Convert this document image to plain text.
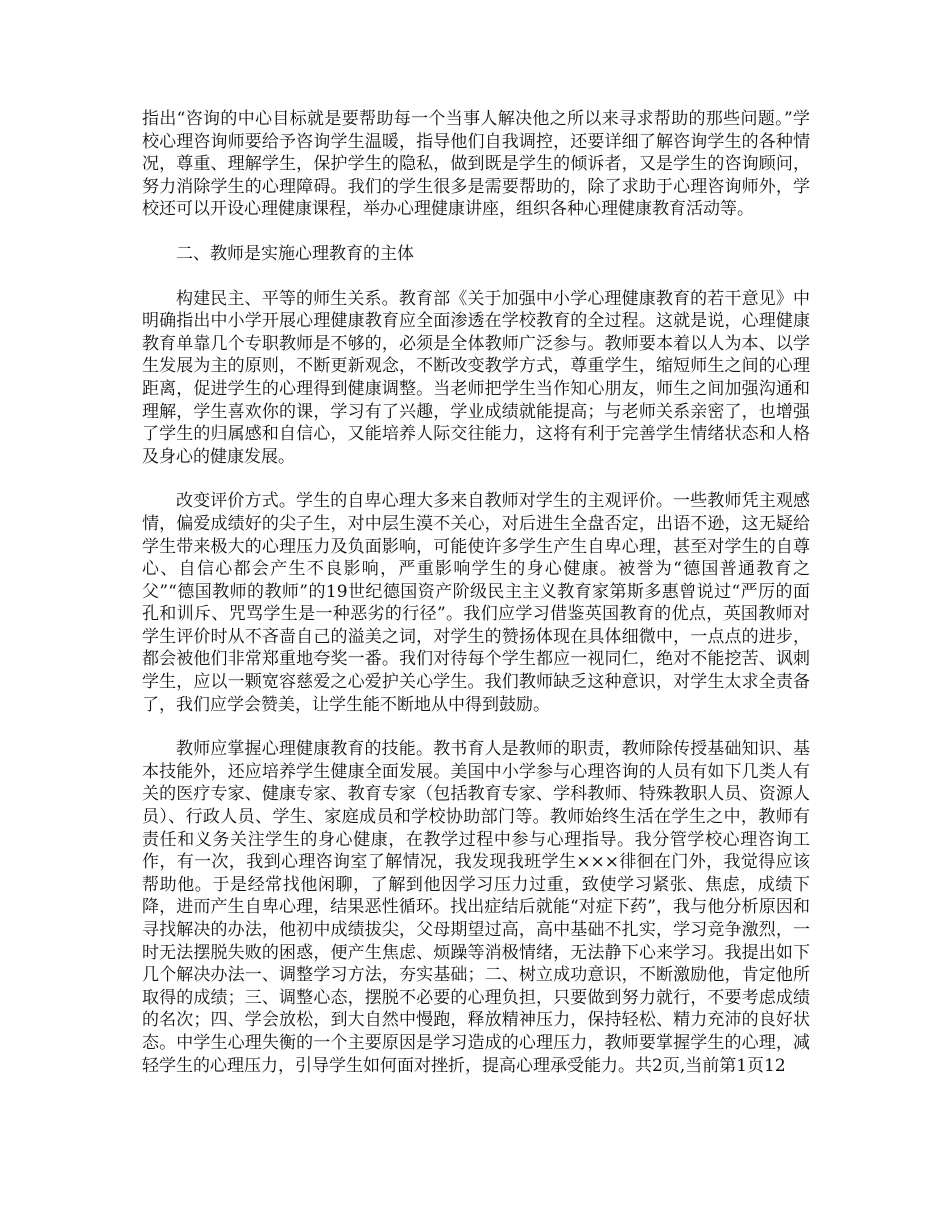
指出“咨询的中心目标就是要帮助每一个当事人解决他之所以来寻求帮助的那些问题。”学校心理咨询师要给予咨询学生温暖，指导他们自我调控，还要详细了解咨询学生的各种情况，尊重、理解学生，保护学生的隐私，做到既是学生的倾诉者，又是学生的咨询顾问，努力消除学生的心理障碍。我们的学生很多是需要帮助的，除了求助于心理咨询师外，学校还可以开设心理健康课程，举办心理健康讲座，组织各种心理健康教育活动等。

二、教师是实施心理教育的主体

构建民主、平等的师生关系。教育部《关于加强中小学心理健康教育的若干意见》中明确指出中小学开展心理健康教育应全面渗透在学校教育的全过程。这就是说，心理健康教育单靠几个专职教师是不够的，必须是全体教师广泛参与。教师要本着以人为本、以学生发展为主的原则，不断更新观念，不断改变教学方式，尊重学生，缩短师生之间的心理距离，促进学生的心理得到健康调整。当老师把学生当作知心朋友，师生之间加强沟通和理解，学生喜欢你的课，学习有了兴趣，学业成绩就能提高；与老师关系亲密了，也增强了学生的归属感和自信心，又能培养人际交往能力，这将有利于完善学生情绪状态和人格及身心的健康发展。

改变评价方式。学生的自卑心理大多来自教师对学生的主观评价。一些教师凭主观感情，偏爱成绩好的尖子生，对中层生漠不关心，对后进生全盘否定，出语不逊，这无疑给学生带来极大的心理压力及负面影响，可能使许多学生产生自卑心理，甚至对学生的自尊心、自信心都会产生不良影响，严重影响学生的身心健康。被誉为“德国普通教育之父”“德国教师的教师”的19世纪德国资产阶级民主主义教育家第斯多惠曾说过“严厉的面孔和训斥、咒骂学生是一种恶劣的行径”。我们应学习借鉴英国教育的优点，英国教师对学生评价时从不吝啬自己的溢美之词，对学生的赞扬体现在具体细微中，一点点的进步，都会被他们非常郑重地夸奖一番。我们对待每个学生都应一视同仁，绝对不能挖苦、讽刺学生，应以一颗宽容慈爱之心爱护关心学生。我们教师缺乏这种意识，对学生太求全责备了，我们应学会赞美，让学生能不断地从中得到鼓励。

教师应掌握心理健康教育的技能。教书育人是教师的职责，教师除传授基础知识、基本技能外，还应培养学生健康全面发展。美国中小学参与心理咨询的人员有如下几类人有关的医疗专家、健康专家、教育专家（包括教育专家、学科教师、特殊教职人员、资源人员）、行政人员、学生、家庭成员和学校协助部门等。教师始终生活在学生之中，教师有责任和义务关注学生的身心健康，在教学过程中参与心理指导。我分管学校心理咨询工作，有一次，我到心理咨询室了解情况，我发现我班学生×××徘徊在门外，我觉得应该帮助他。于是经常找他闲聊，了解到他因学习压力过重，致使学习紧张、焦虑，成绩下降，进而产生自卑心理，结果恶性循环。找出症结后就能“对症下药”，我与他分析原因和寻找解决的办法，他初中成绩拔尖，父母期望过高，高中基础不扎实，学习竞争激烈，一时无法摆脱失败的困惑，便产生焦虑、烦躁等消极情绪，无法静下心来学习。我提出如下几个解决办法一、调整学习方法，夯实基础；二、树立成功意识，不断激励他，肯定他所取得的成绩；三、调整心态，摆脱不必要的心理负担，只要做到努力就行，不要考虑成绩的名次；四、学会放松，到大自然中慢跑，释放精神压力，保持轻松、精力充沛的良好状态。中学生心理失衡的一个主要原因是学习造成的心理压力，教师要掌握学生的心理，减轻学生的心理压力，引导学生如何面对挫折，提高心理承受能力。共2页,当前第1页12
